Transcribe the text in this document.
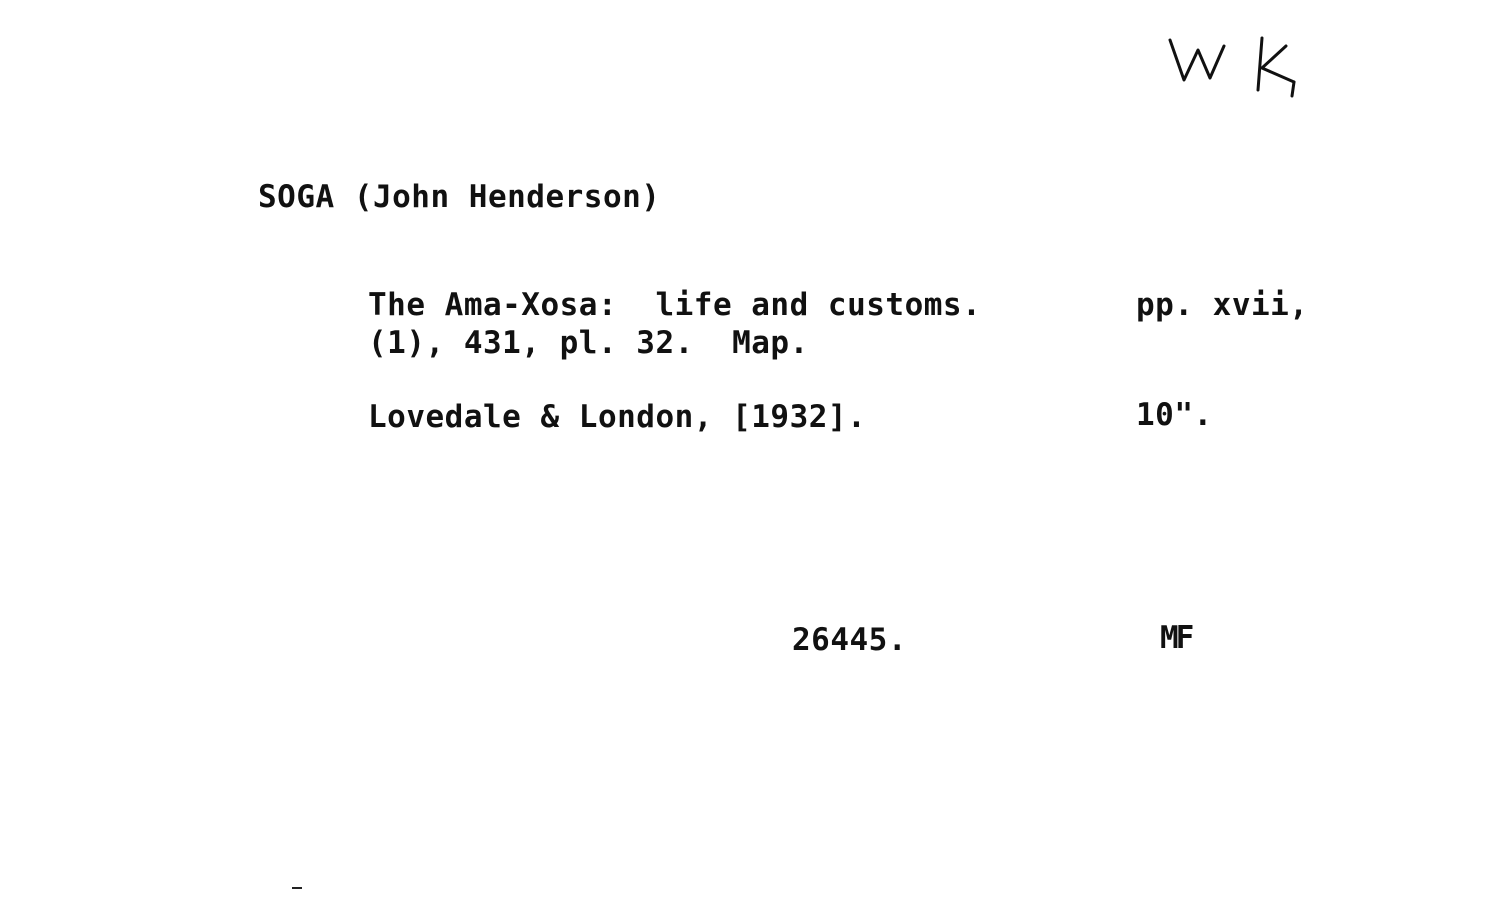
SOGA (John Henderson)
The Ama-Xosa:  life and customs.	pp. xvii,
(1), 431, pl. 32.  Map.
Lovedale & London, [1932].	10".
26445.	MF
